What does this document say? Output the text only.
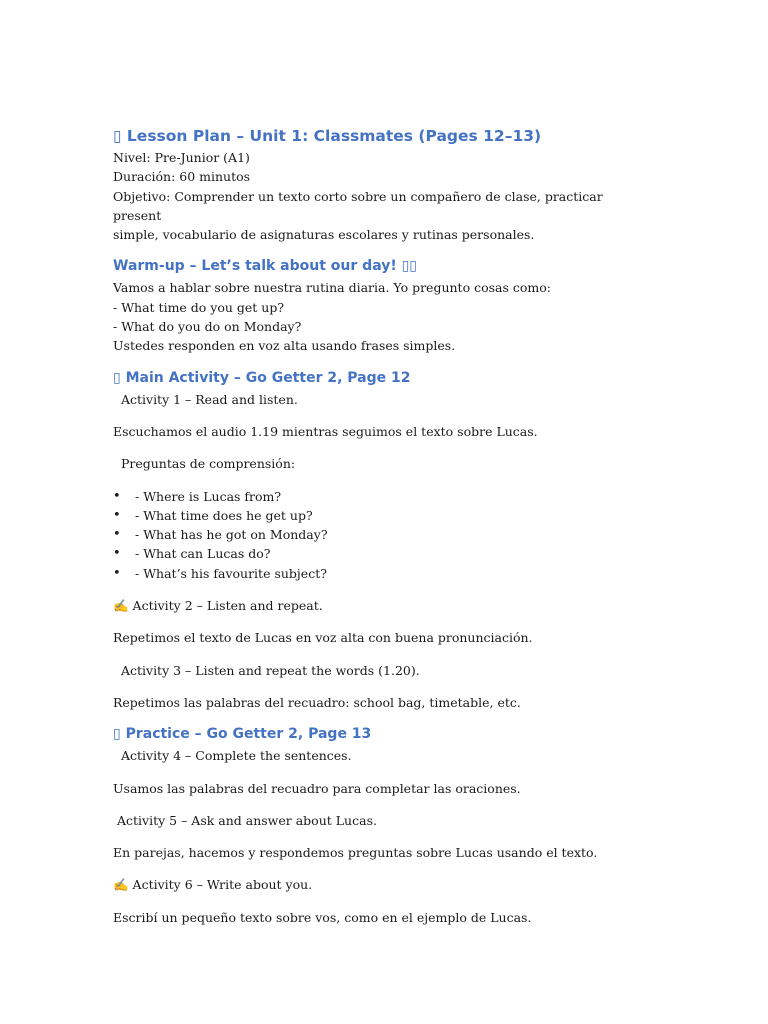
▯ Lesson Plan – Unit 1: Classmates (Pages 12–13)

Nivel: Pre-Junior (A1)

Duración: 60 minutos

Objetivo: Comprender un texto corto sobre un compañero de clase, practicar present

simple, vocabulario de asignaturas escolares y rutinas personales.

Warm-up – Let’s talk about our day! ▯▯

Vamos a hablar sobre nuestra rutina diaria. Yo pregunto cosas como:

- What time do you get up?

- What do you do on Monday?

Ustedes responden en voz alta usando frases simples.

▯ Main Activity – Go Getter 2, Page 12

Activity 1 – Read and listen.

Escuchamos el audio 1.19 mientras seguimos el texto sobre Lucas.

Preguntas de comprensión:

• - Where is Lucas from?
• - What time does he get up?
• - What has he got on Monday?
• - What can Lucas do?
• - What’s his favourite subject?

✍ Activity 2 – Listen and repeat.

Repetimos el texto de Lucas en voz alta con buena pronunciación.

Activity 3 – Listen and repeat the words (1.20).

Repetimos las palabras del recuadro: school bag, timetable, etc.

▯ Practice – Go Getter 2, Page 13

Activity 4 – Complete the sentences.

Usamos las palabras del recuadro para completar las oraciones.

Activity 5 – Ask and answer about Lucas.

En parejas, hacemos y respondemos preguntas sobre Lucas usando el texto.

✍ Activity 6 – Write about you.

Escribí un pequeño texto sobre vos, como en el ejemplo de Lucas.
